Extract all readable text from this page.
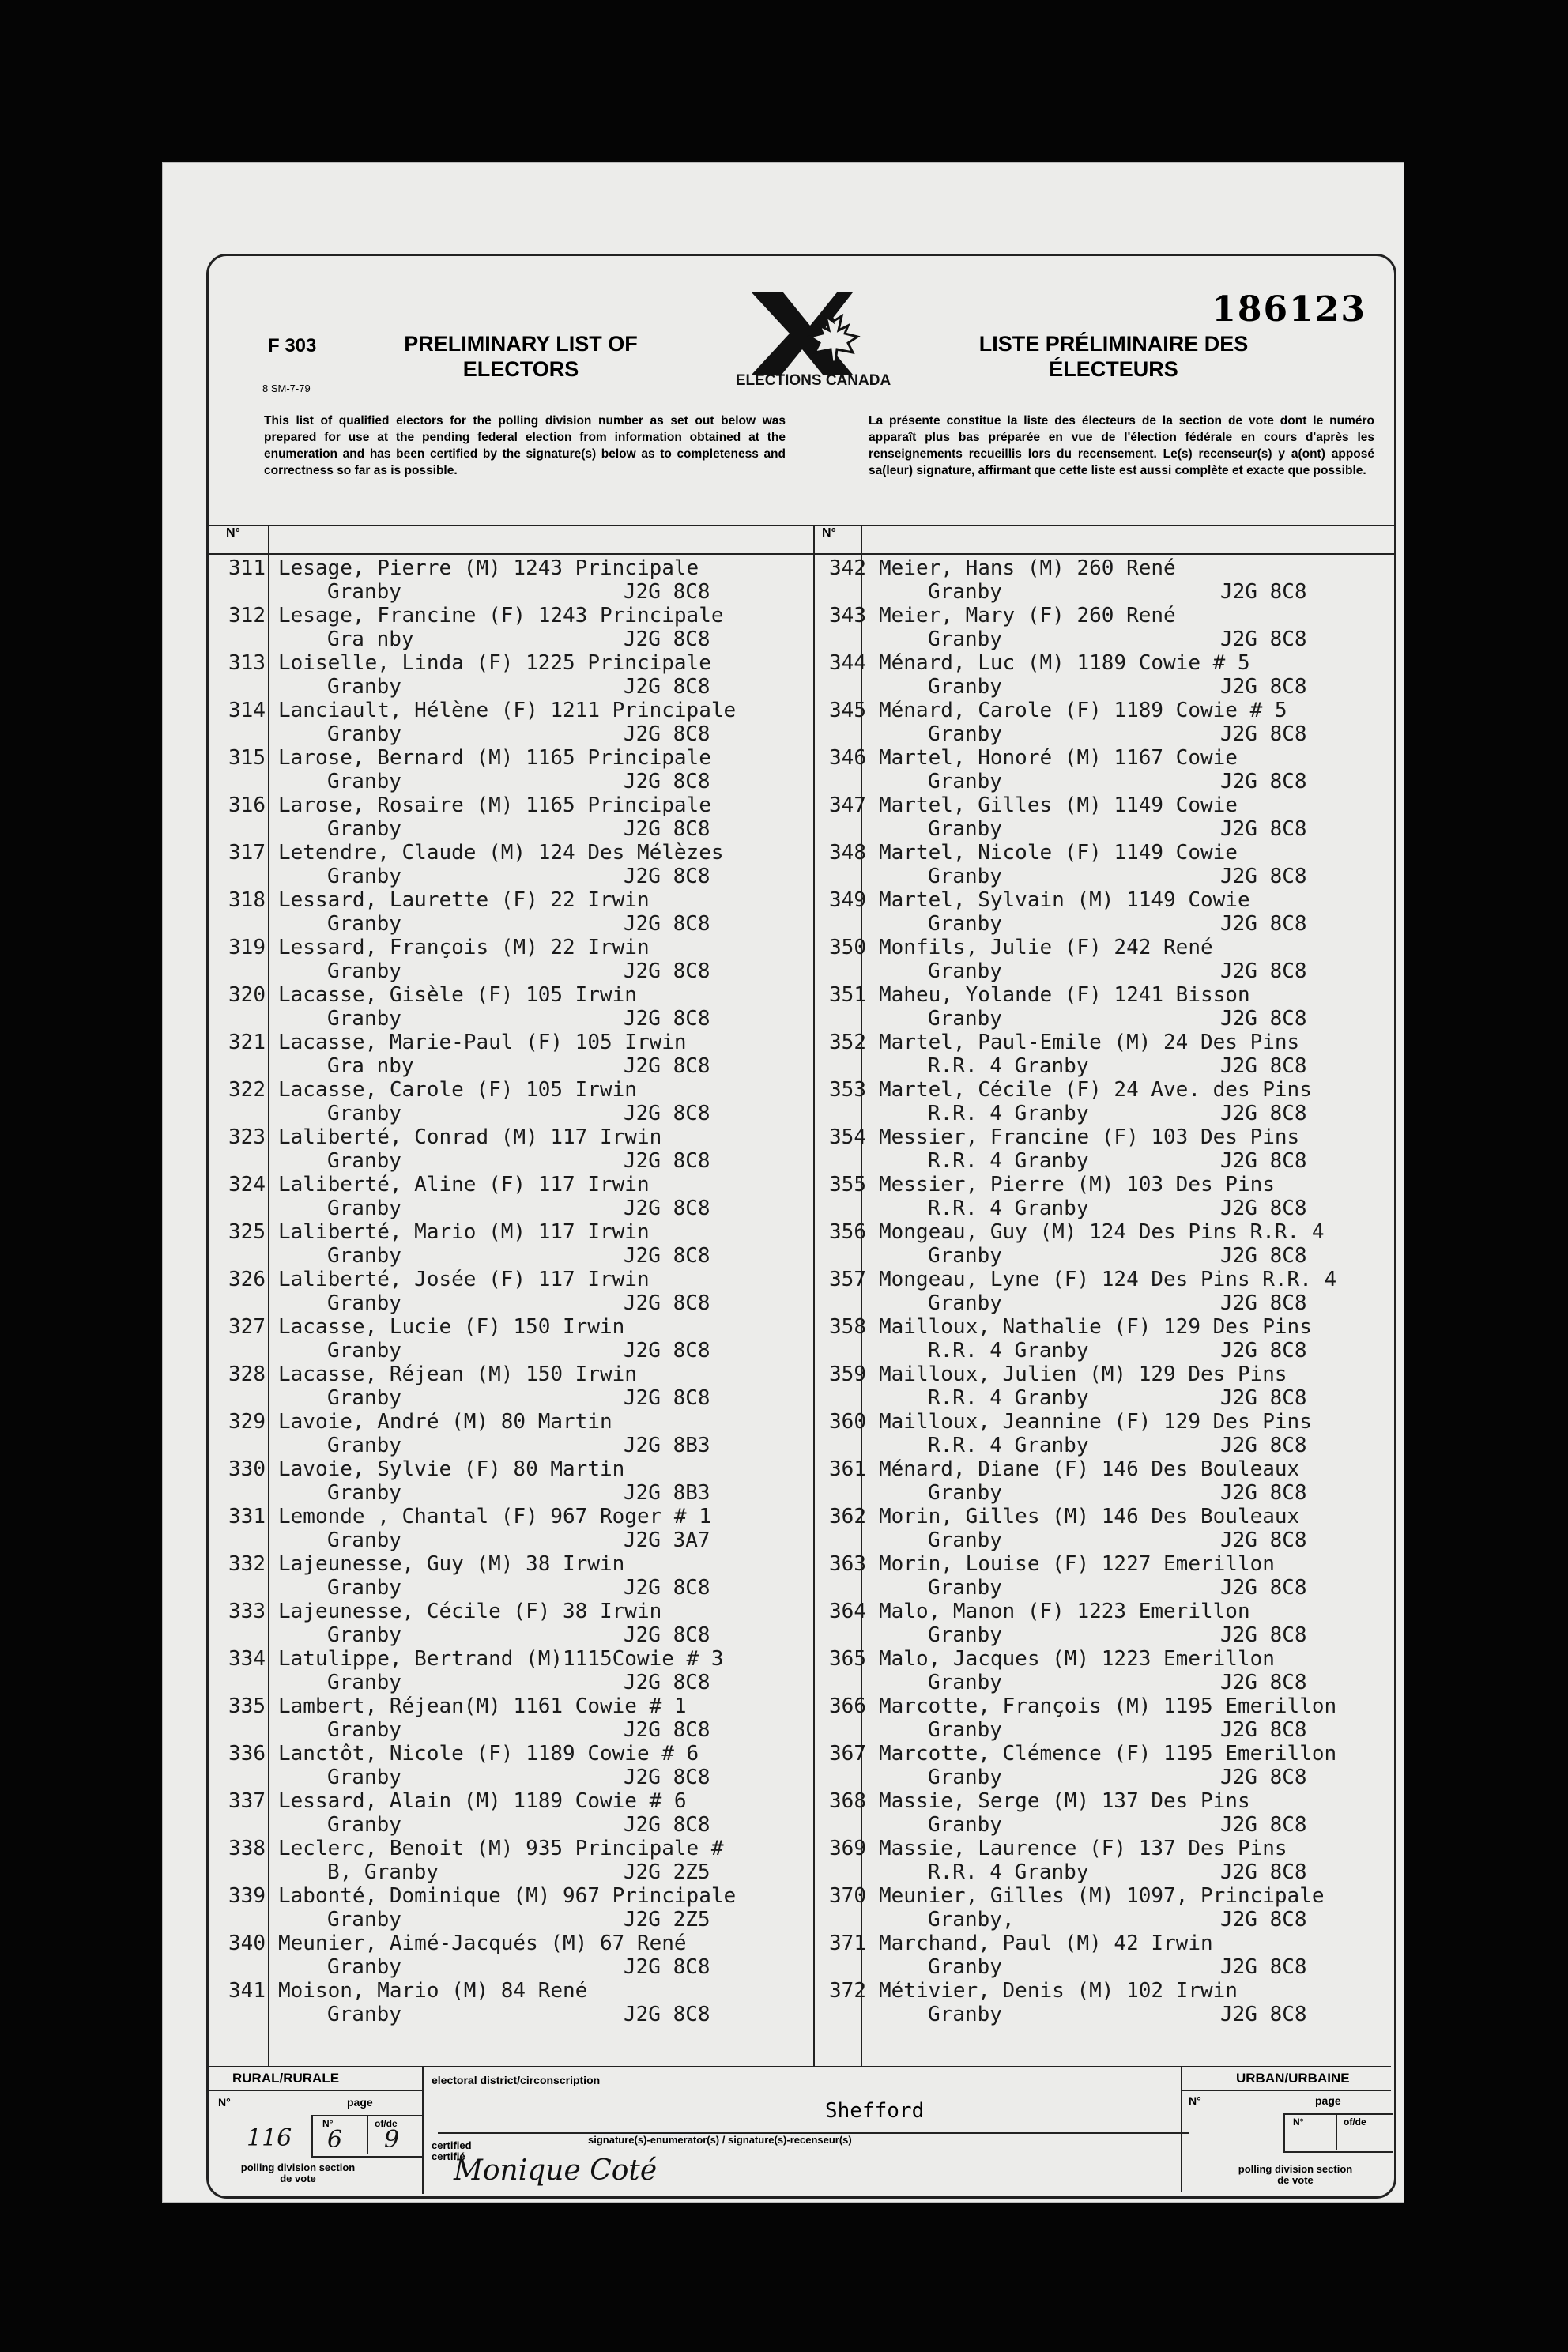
F 303
8 SM-7-79
PRELIMINARY LIST OF ELECTORS	ELECTIONS CANADA
LISTE PRÉLIMINAIRE DES ÉLECTEURS
186123
This list of qualified electors for the polling division number as set out below was prepared for use at the pending federal election from information obtained at the enumeration and has been certified by the signature(s) below as to completeness and correctness so far as is possible.
La présente constitue la liste des électeurs de la section de vote dont le numéro apparaît plus bas préparée en vue de l'élection fédérale en cours d'après les renseignements recueillis lors du recensement. Le(s) recenseur(s) y a(ont) apposé sa(leur) signature, affirmant que cette liste est aussi complète et exacte que possible.
N°	N°
311 Lesage, Pierre (M) 1243 Principale
Granby	J2G 8C8
312 Lesage, Francine (F) 1243 Principale
Gra nby	J2G 8C8
313 Loiselle, Linda (F) 1225 Principale
Granby	J2G 8C8
314 Lanciault, Hélène (F) 1211 Principale
Granby	J2G 8C8
315 Larose, Bernard (M) 1165 Principale
Granby	J2G 8C8
316 Larose, Rosaire (M) 1165 Principale
Granby	J2G 8C8
317 Letendre, Claude (M) 124 Des Mélèzes
Granby	J2G 8C8
318 Lessard, Laurette (F) 22 Irwin
Granby	J2G 8C8
319 Lessard, François (M) 22 Irwin
Granby	J2G 8C8
320 Lacasse, Gisèle (F) 105 Irwin
Granby	J2G 8C8
321 Lacasse, Marie-Paul (F) 105 Irwin
Gra nby	J2G 8C8
322 Lacasse, Carole (F) 105 Irwin
Granby	J2G 8C8
323 Laliberté, Conrad (M) 117 Irwin
Granby	J2G 8C8
324 Laliberté, Aline (F) 117 Irwin
Granby	J2G 8C8
325 Laliberté, Mario (M) 117 Irwin
Granby	J2G 8C8
326 Laliberté, Josée (F) 117 Irwin
Granby	J2G 8C8
327 Lacasse, Lucie (F) 150 Irwin
Granby	J2G 8C8
328 Lacasse, Réjean (M) 150 Irwin
Granby	J2G 8C8
329 Lavoie, André (M) 80 Martin
Granby	J2G 8B3
330 Lavoie, Sylvie (F) 80 Martin
Granby	J2G 8B3
331 Lemonde , Chantal (F) 967 Roger # 1
Granby	J2G 3A7
332 Lajeunesse, Guy (M) 38 Irwin
Granby	J2G 8C8
333 Lajeunesse, Cécile (F) 38 Irwin
Granby	J2G 8C8
334 Latulippe, Bertrand (M)1115Cowie # 3
Granby	J2G 8C8
335 Lambert, Réjean(M) 1161 Cowie # 1
Granby	J2G 8C8
336 Lanctôt, Nicole (F) 1189 Cowie # 6
Granby	J2G 8C8
337 Lessard, Alain (M) 1189 Cowie # 6
Granby	J2G 8C8
338 Leclerc, Benoit (M) 935 Principale #
B, Granby	J2G 2Z5
339 Labonté, Dominique (M) 967 Principale
Granby	J2G 2Z5
340 Meunier, Aimé-Jacqués (M) 67 René
Granby	J2G 8C8
341 Moison, Mario (M) 84 René
Granby	J2G 8C8
342 Meier, Hans (M) 260 René
Granby	J2G 8C8
343 Meier, Mary (F) 260 René
Granby	J2G 8C8
344 Ménard, Luc (M) 1189 Cowie # 5
Granby	J2G 8C8
345 Ménard, Carole (F) 1189 Cowie # 5
Granby	J2G 8C8
346 Martel, Honoré (M) 1167 Cowie
Granby	J2G 8C8
347 Martel, Gilles (M) 1149 Cowie
Granby	J2G 8C8
348 Martel, Nicole (F) 1149 Cowie
Granby	J2G 8C8
349 Martel, Sylvain (M) 1149 Cowie
Granby	J2G 8C8
350 Monfils, Julie (F) 242 René
Granby	J2G 8C8
351 Maheu, Yolande (F) 1241 Bisson
Granby	J2G 8C8
352 Martel, Paul-Emile (M) 24 Des Pins
R.R. 4 Granby	J2G 8C8
353 Martel, Cécile (F) 24 Ave. des Pins
R.R. 4 Granby	J2G 8C8
354 Messier, Francine (F) 103 Des Pins
R.R. 4 Granby	J2G 8C8
355 Messier, Pierre (M) 103 Des Pins
R.R. 4 Granby	J2G 8C8
356 Mongeau, Guy (M) 124 Des Pins R.R. 4
Granby	J2G 8C8
357 Mongeau, Lyne (F) 124 Des Pins R.R. 4
Granby	J2G 8C8
358 Mailloux, Nathalie (F) 129 Des Pins
R.R. 4 Granby	J2G 8C8
359 Mailloux, Julien (M) 129 Des Pins
R.R. 4 Granby	J2G 8C8
360 Mailloux, Jeannine (F) 129 Des Pins
R.R. 4 Granby	J2G 8C8
361 Ménard, Diane (F) 146 Des Bouleaux
Granby	J2G 8C8
362 Morin, Gilles (M) 146 Des Bouleaux
Granby	J2G 8C8
363 Morin, Louise (F) 1227 Emerillon
Granby	J2G 8C8
364 Malo, Manon (F) 1223 Emerillon
Granby	J2G 8C8
365 Malo, Jacques (M) 1223 Emerillon
Granby	J2G 8C8
366 Marcotte, François (M) 1195 Emerillon
Granby	J2G 8C8
367 Marcotte, Clémence (F) 1195 Emerillon
Granby	J2G 8C8
368 Massie, Serge (M) 137 Des Pins
Granby	J2G 8C8
369 Massie, Laurence (F) 137 Des Pins
R.R. 4 Granby	J2G 8C8
370 Meunier, Gilles (M) 1097, Principale
Granby,	J2G 8C8
371 Marchand, Paul (M) 42 Irwin
Granby	J2G 8C8
372 Métivier, Denis (M) 102 Irwin
Granby	J2G 8C8
RURAL/RURALE
N°	page
N°	of/de
116 6 9
polling division section de vote
electoral district/circonscription
Shefford
certified certifié
signature(s)-enumerator(s) / signature(s)-recenseur(s)
Monique Coté
URBAN/URBAINE
N°	page
N°	of/de
polling division section de vote
